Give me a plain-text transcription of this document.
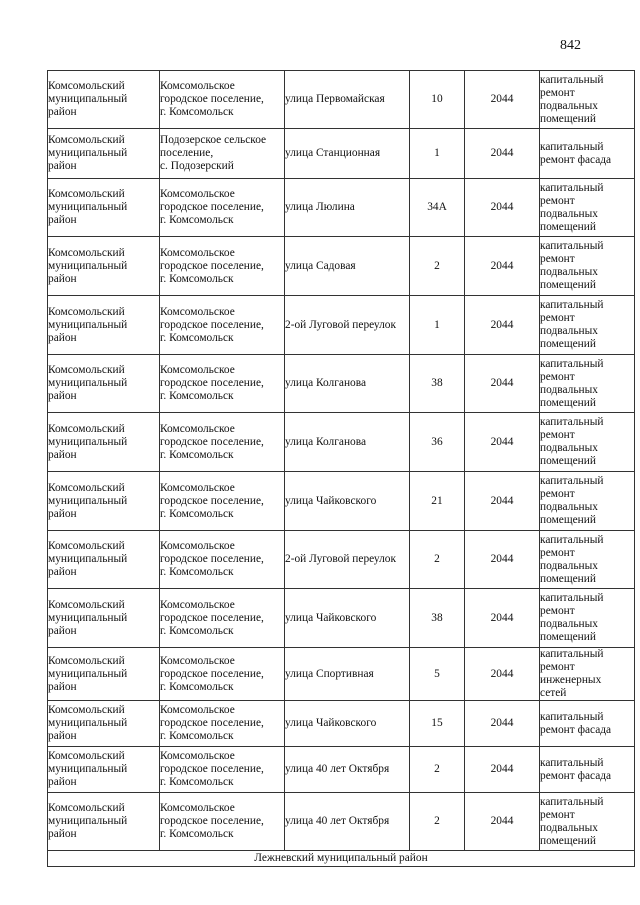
842
Комсомольский
муниципальный
район	Комсомольское
городское поселение,
г. Комсомольск	улица Первомайская	10	2044	капитальный
ремонт
подвальных
помещений

Комсомольский
муниципальный
район	Подозерское сельское
поселение,
с. Подозерский	улица Станционная	1	2044	капитальный
ремонт фасада

Комсомольский
муниципальный
район	Комсомольское
городское поселение,
г. Комсомольск	улица Люлина	34А	2044	капитальный
ремонт
подвальных
помещений

Комсомольский
муниципальный
район	Комсомольское
городское поселение,
г. Комсомольск	улица Садовая	2	2044	капитальный
ремонт
подвальных
помещений

Комсомольский
муниципальный
район	Комсомольское
городское поселение,
г. Комсомольск	2-ой Луговой переулок	1	2044	капитальный
ремонт
подвальных
помещений

Комсомольский
муниципальный
район	Комсомольское
городское поселение,
г. Комсомольск	улица Колганова	38	2044	капитальный
ремонт
подвальных
помещений

Комсомольский
муниципальный
район	Комсомольское
городское поселение,
г. Комсомольск	улица Колганова	36	2044	капитальный
ремонт
подвальных
помещений

Комсомольский
муниципальный
район	Комсомольское
городское поселение,
г. Комсомольск	улица Чайковского	21	2044	капитальный
ремонт
подвальных
помещений

Комсомольский
муниципальный
район	Комсомольское
городское поселение,
г. Комсомольск	2-ой Луговой переулок	2	2044	капитальный
ремонт
подвальных
помещений

Комсомольский
муниципальный
район	Комсомольское
городское поселение,
г. Комсомольск	улица Чайковского	38	2044	капитальный
ремонт
подвальных
помещений

Комсомольский
муниципальный
район	Комсомольское
городское поселение,
г. Комсомольск	улица Спортивная	5	2044	капитальный
ремонт
инженерных
сетей

Комсомольский
муниципальный
район	Комсомольское
городское поселение,
г. Комсомольск	улица Чайковского	15	2044	капитальный
ремонт фасада

Комсомольский
муниципальный
район	Комсомольское
городское поселение,
г. Комсомольск	улица 40 лет Октября	2	2044	капитальный
ремонт фасада

Комсомольский
муниципальный
район	Комсомольское
городское поселение,
г. Комсомольск	улица 40 лет Октября	2	2044	капитальный
ремонт
подвальных
помещений

Лежневский муниципальный район					
